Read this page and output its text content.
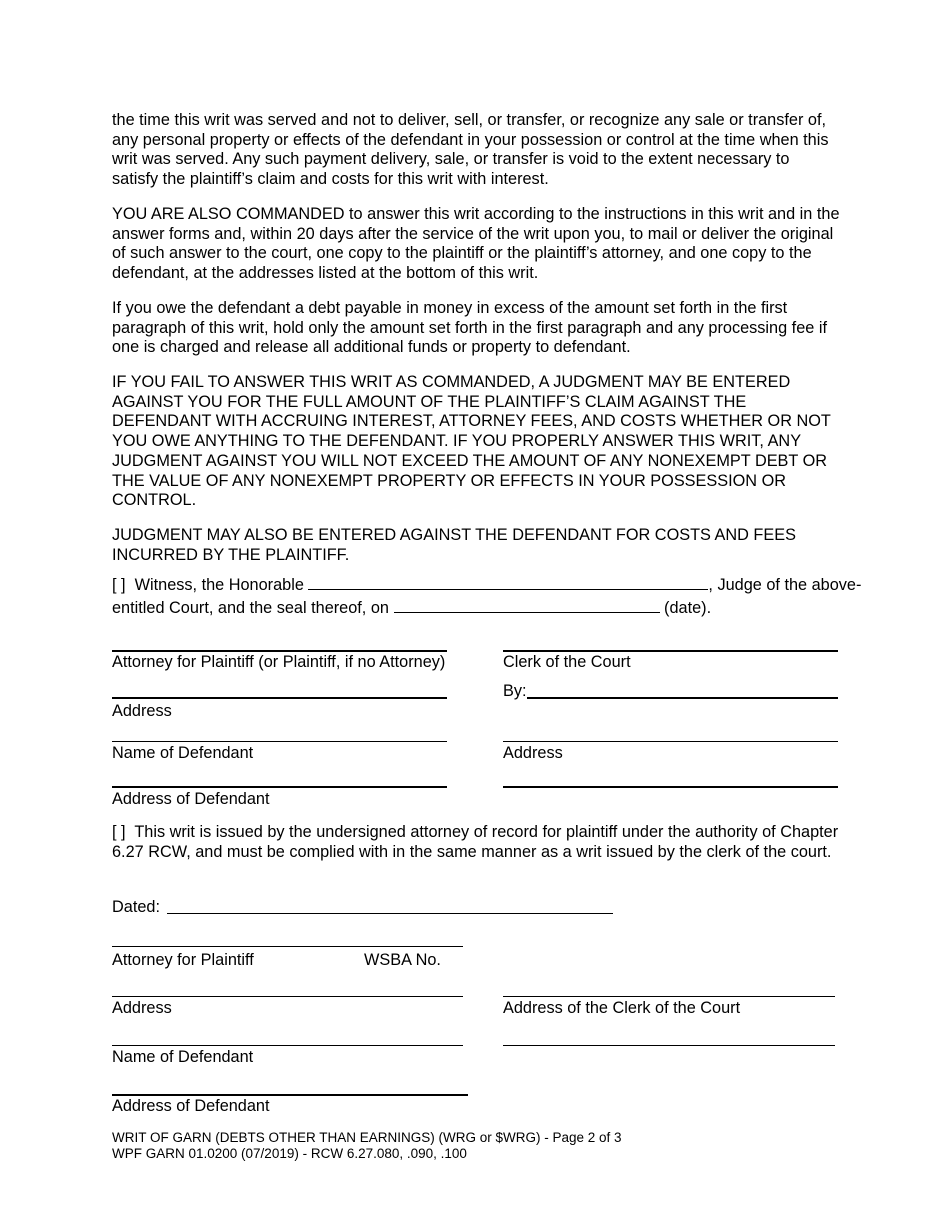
the time this writ was served and not to deliver, sell, or transfer, or recognize any sale or transfer of, any personal property or effects of the defendant in your possession or control at the time when this writ was served. Any such payment delivery, sale, or transfer is void to the extent necessary to satisfy the plaintiff’s claim and costs for this writ with interest.
YOU ARE ALSO COMMANDED to answer this writ according to the instructions in this writ and in the answer forms and, within 20 days after the service of the writ upon you, to mail or deliver the original of such answer to the court, one copy to the plaintiff or the plaintiff’s attorney, and one copy to the defendant, at the addresses listed at the bottom of this writ.
If you owe the defendant a debt payable in money in excess of the amount set forth in the first paragraph of this writ, hold only the amount set forth in the first paragraph and any processing fee if one is charged and release all additional funds or property to defendant.
IF YOU FAIL TO ANSWER THIS WRIT AS COMMANDED, A JUDGMENT MAY BE ENTERED AGAINST YOU FOR THE FULL AMOUNT OF THE PLAINTIFF’S CLAIM AGAINST THE DEFENDANT WITH ACCRUING INTEREST, ATTORNEY FEES, AND COSTS WHETHER OR NOT YOU OWE ANYTHING TO THE DEFENDANT. IF YOU PROPERLY ANSWER THIS WRIT, ANY JUDGMENT AGAINST YOU WILL NOT EXCEED THE AMOUNT OF ANY NONEXEMPT DEBT OR THE VALUE OF ANY NONEXEMPT PROPERTY OR EFFECTS IN YOUR POSSESSION OR CONTROL.
JUDGMENT MAY ALSO BE ENTERED AGAINST THE DEFENDANT FOR COSTS AND FEES INCURRED BY THE PLAINTIFF.
[ ] Witness, the Honorable	, Judge of the above-
entitled Court, and the seal thereof, on	(date).
Attorney for Plaintiff (or Plaintiff, if no Attorney)	Clerk of the Court
By:
Address
Name of Defendant	Address
Address of Defendant
[ ] This writ is issued by the undersigned attorney of record for plaintiff under the authority of Chapter 6.27 RCW, and must be complied with in the same manner as a writ issued by the clerk of the court.
Dated:
Attorney for Plaintiff	WSBA No.
Address	Address of the Clerk of the Court
Name of Defendant
Address of Defendant
WRIT OF GARN (DEBTS OTHER THAN EARNINGS) (WRG or $WRG) - Page 2 of 3
WPF GARN 01.0200 (07/2019) - RCW 6.27.080, .090, .100
